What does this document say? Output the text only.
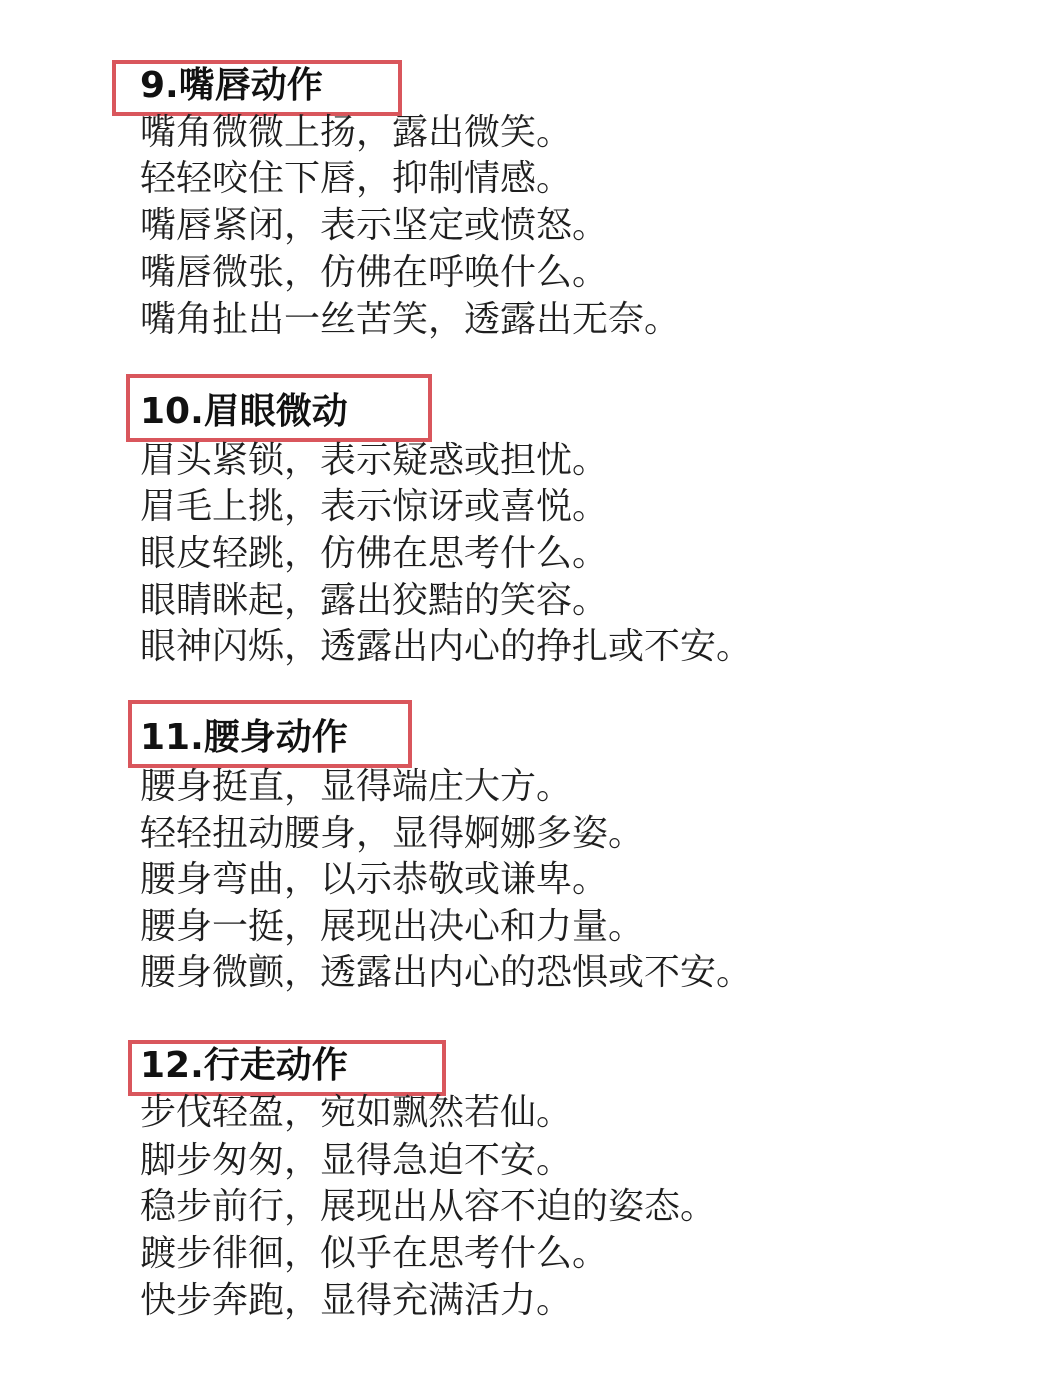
9.嘴唇动作
嘴角微微上扬，露出微笑。
轻轻咬住下唇，抑制情感。
嘴唇紧闭，表示坚定或愤怒。
嘴唇微张，仿佛在呼唤什么。
嘴角扯出一丝苦笑，透露出无奈。
10.眉眼微动
眉头紧锁，表示疑惑或担忧。
眉毛上挑，表示惊讶或喜悦。
眼皮轻跳，仿佛在思考什么。
眼睛眯起，露出狡黠的笑容。
眼神闪烁，透露出内心的挣扎或不安。
11.腰身动作
腰身挺直，显得端庄大方。
轻轻扭动腰身，显得婀娜多姿。
腰身弯曲，以示恭敬或谦卑。
腰身一挺，展现出决心和力量。
腰身微颤，透露出内心的恐惧或不安。
12.行走动作
步伐轻盈，宛如飘然若仙。
脚步匆匆，显得急迫不安。
稳步前行，展现出从容不迫的姿态。
踱步徘徊，似乎在思考什么。
快步奔跑，显得充满活力。
